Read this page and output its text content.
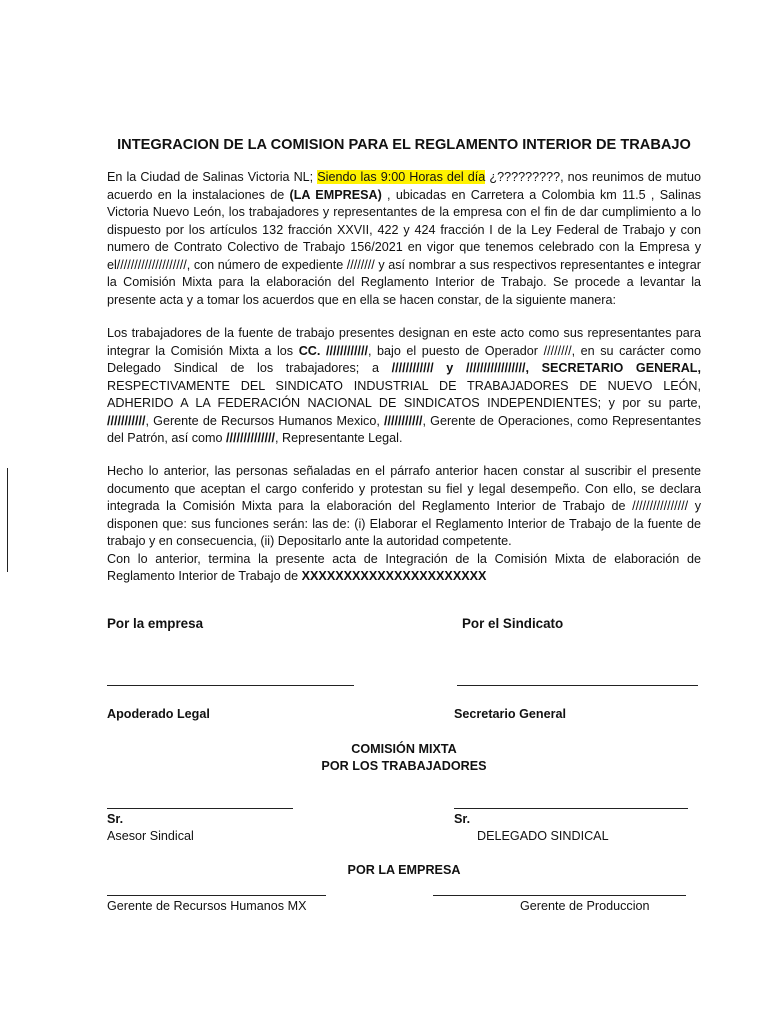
INTEGRACION DE LA COMISION PARA EL REGLAMENTO INTERIOR DE TRABAJO
En la Ciudad de Salinas Victoria NL; Siendo las 9:00 Horas del día ¿?????????, nos reunimos de mutuo acuerdo en la instalaciones de (LA EMPRESA) , ubicadas en Carretera a Colombia km 11.5 , Salinas Victoria Nuevo León, los trabajadores y representantes de la empresa con el fin de dar cumplimiento a lo dispuesto por los artículos 132 fracción XXVII, 422 y 424 fracción I de la Ley Federal de Trabajo y con numero de Contrato Colectivo de Trabajo 156/2021 en vigor que tenemos celebrado con la Empresa y el////////////////////, con número de expediente //////// y así nombrar a sus respectivos representantes e integrar la Comisión Mixta para la elaboración del Reglamento Interior de Trabajo. Se procede a levantar la presente acta y a tomar los acuerdos que en ella se hacen constar, de la siguiente manera:
Los trabajadores de la fuente de trabajo presentes designan en este acto como sus representantes para integrar la Comisión Mixta a los CC. ////////////, bajo el puesto de Operador ////////, en su carácter como Delegado Sindical de los trabajadores; a //////////// y /////////////////, SECRETARIO GENERAL, RESPECTIVAMENTE DEL SINDICATO INDUSTRIAL DE TRABAJADORES DE NUEVO LEÓN, ADHERIDO A LA FEDERACIÓN NACIONAL DE SINDICATOS INDEPENDIENTES; y por su parte, ///////////, Gerente de Recursos Humanos Mexico, ///////////, Gerente de Operaciones, como Representantes del Patrón, así como //////////////, Representante Legal.
Hecho lo anterior, las personas señaladas en el párrafo anterior hacen constar al suscribir el presente documento que aceptan el cargo conferido y protestan su fiel y legal desempeño. Con ello, se declara integrada la Comisión Mixta para la elaboración del Reglamento Interior de Trabajo de //////////////// y disponen que: sus funciones serán: las de: (i) Elaborar el Reglamento Interior de Trabajo de la fuente de trabajo y en consecuencia, (ii) Depositarlo ante la autoridad competente.
Con lo anterior, termina la presente acta de Integración de la Comisión Mixta de elaboración de Reglamento Interior de Trabajo de XXXXXXXXXXXXXXXXXXXXXX
Por la empresa	Por el Sindicato
Apoderado Legal	Secretario General
COMISIÓN MIXTA
POR LOS TRABAJADORES
Sr.	Sr.
Asesor Sindical	DELEGADO SINDICAL
POR LA EMPRESA
Gerente de Recursos Humanos MX	Gerente de Produccion
